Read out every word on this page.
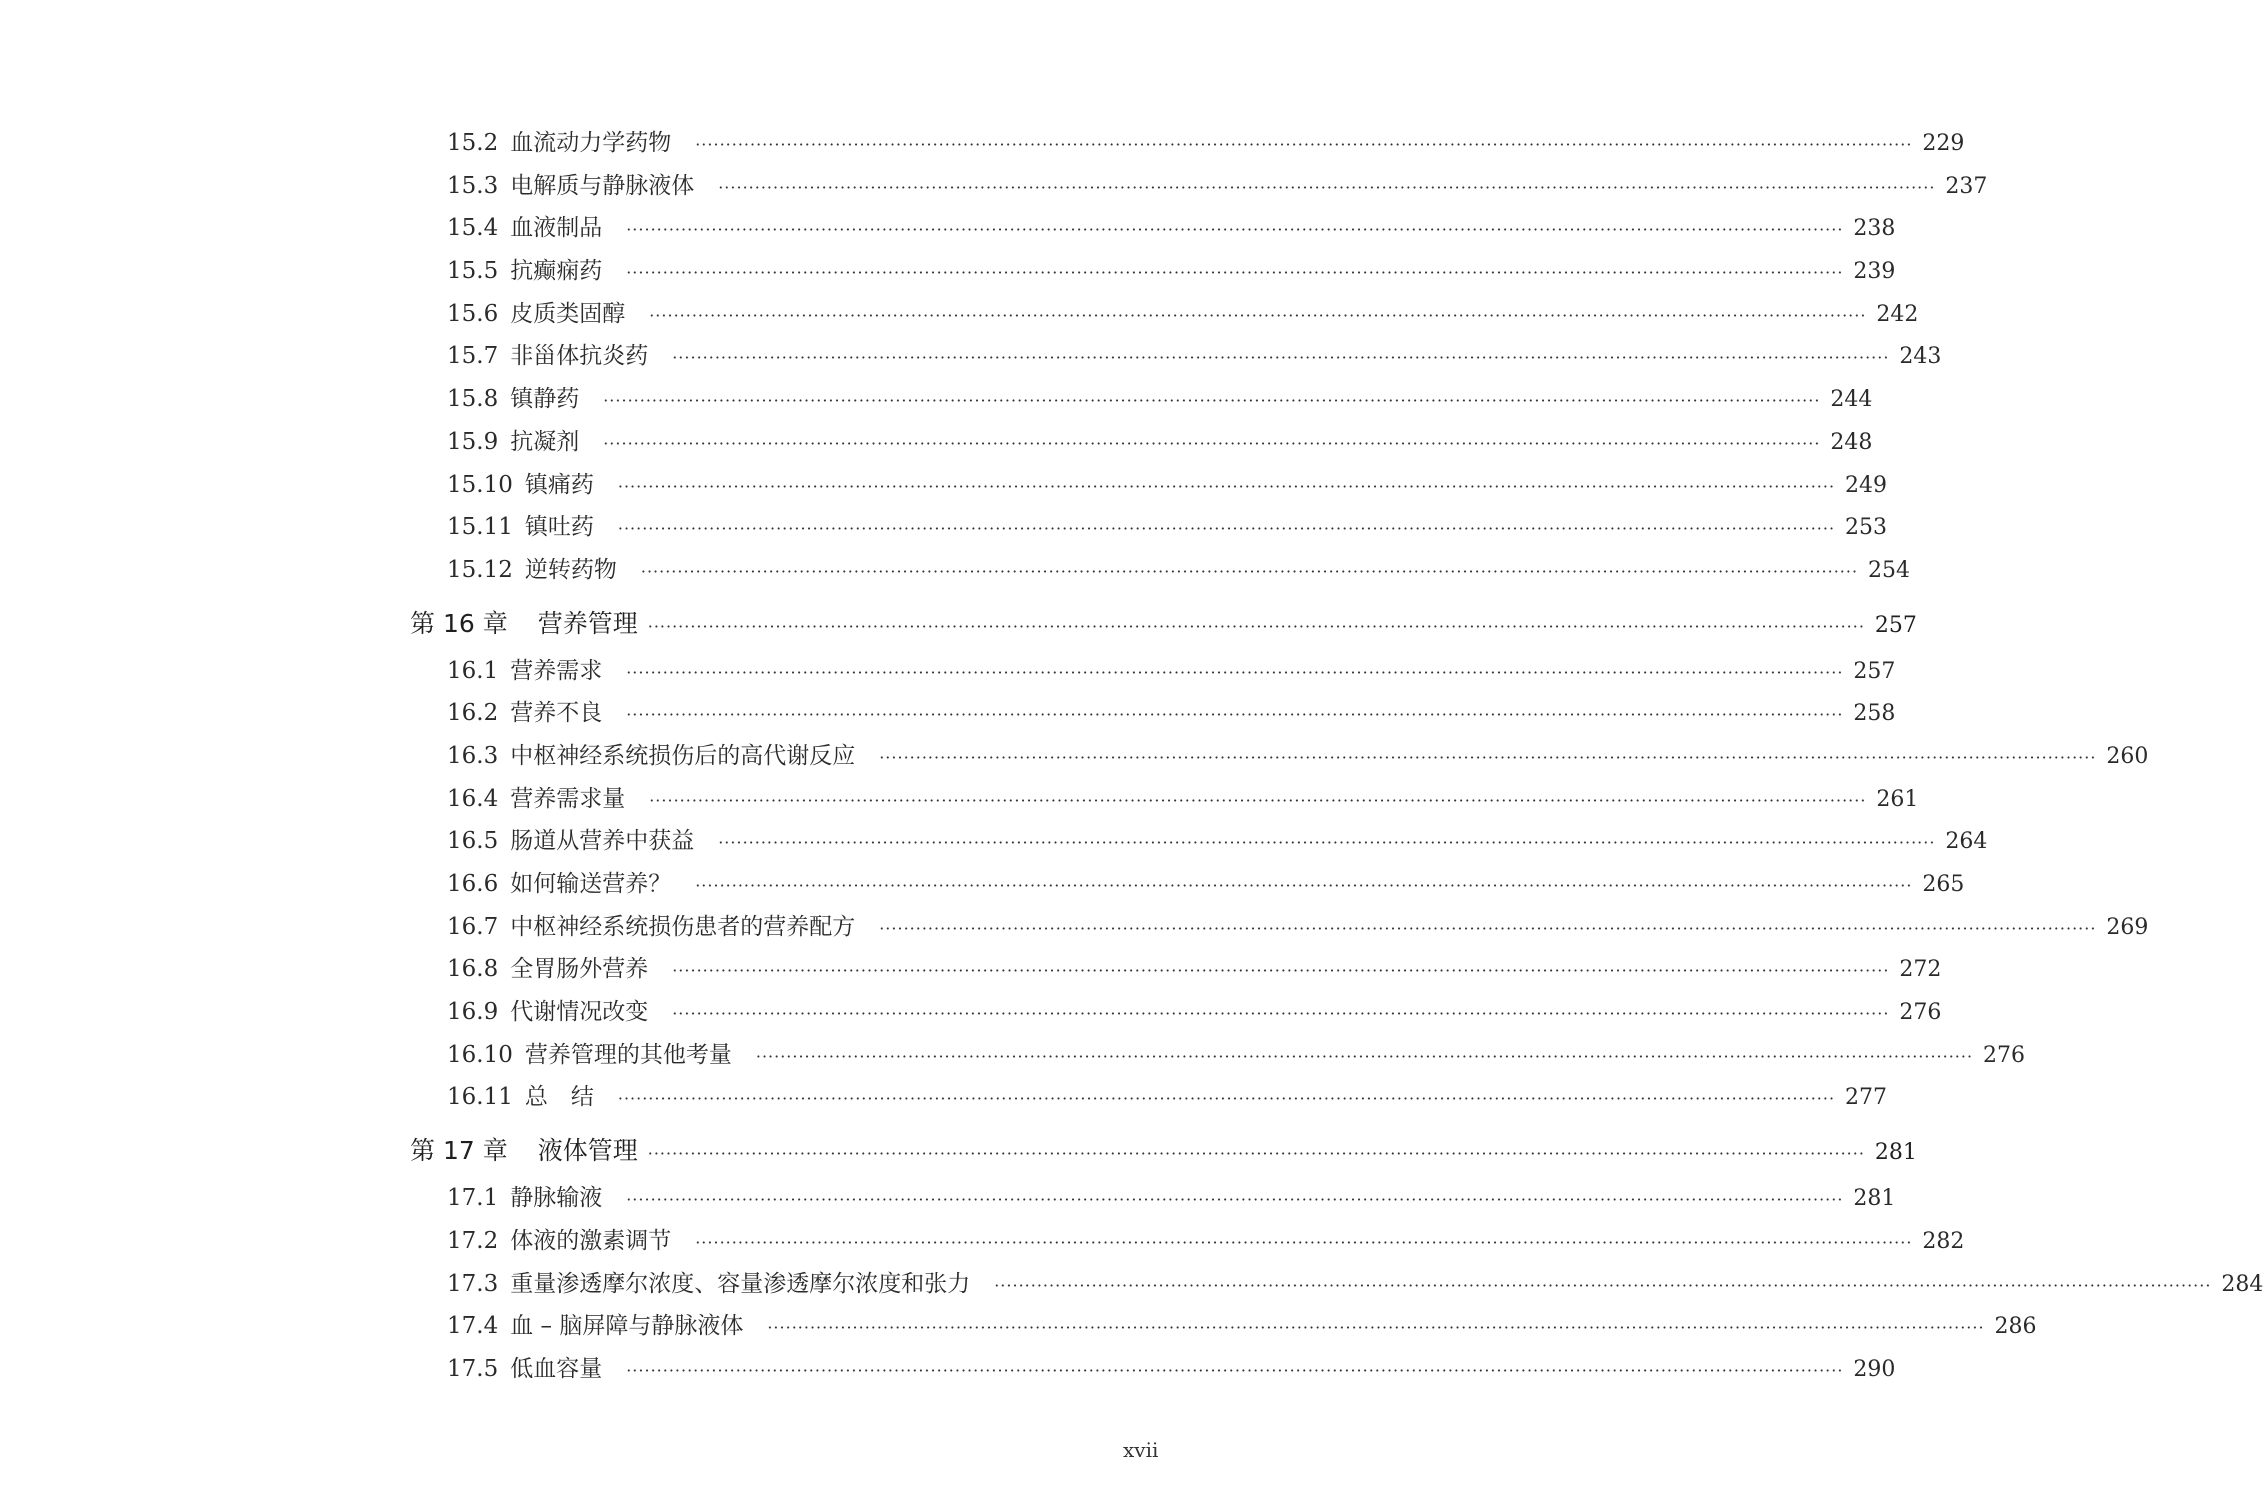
15.2 血流动力学药物 ········································································································································································································ 229
15.3 电解质与静脉液体 ········································································································································································································ 237
15.4 血液制品 ········································································································································································································ 238
15.5 抗癫痫药 ········································································································································································································ 239
15.6 皮质类固醇 ········································································································································································································ 242
15.7 非甾体抗炎药 ········································································································································································································ 243
15.8 镇静药 ········································································································································································································ 244
15.9 抗凝剂 ········································································································································································································ 248
15.10 镇痛药 ········································································································································································································ 249
15.11 镇吐药 ········································································································································································································ 253
15.12 逆转药物 ········································································································································································································ 254
第 16 章 营养管理 ········································································································································································································ 257
16.1 营养需求 ········································································································································································································ 257
16.2 营养不良 ········································································································································································································ 258
16.3 中枢神经系统损伤后的高代谢反应 ········································································································································································································ 260
16.4 营养需求量 ········································································································································································································ 261
16.5 肠道从营养中获益 ········································································································································································································ 264
16.6 如何输送营养？ ········································································································································································································ 265
16.7 中枢神经系统损伤患者的营养配方 ········································································································································································································ 269
16.8 全胃肠外营养 ········································································································································································································ 272
16.9 代谢情况改变 ········································································································································································································ 276
16.10 营养管理的其他考量 ········································································································································································································ 276
16.11 总　结 ········································································································································································································ 277
第 17 章 液体管理 ········································································································································································································ 281
17.1 静脉输液 ········································································································································································································ 281
17.2 体液的激素调节 ········································································································································································································ 282
17.3 重量渗透摩尔浓度、容量渗透摩尔浓度和张力 ········································································································································································································ 284
17.4 血 – 脑屏障与静脉液体 ········································································································································································································ 286
17.5 低血容量 ········································································································································································································ 290
xvii
